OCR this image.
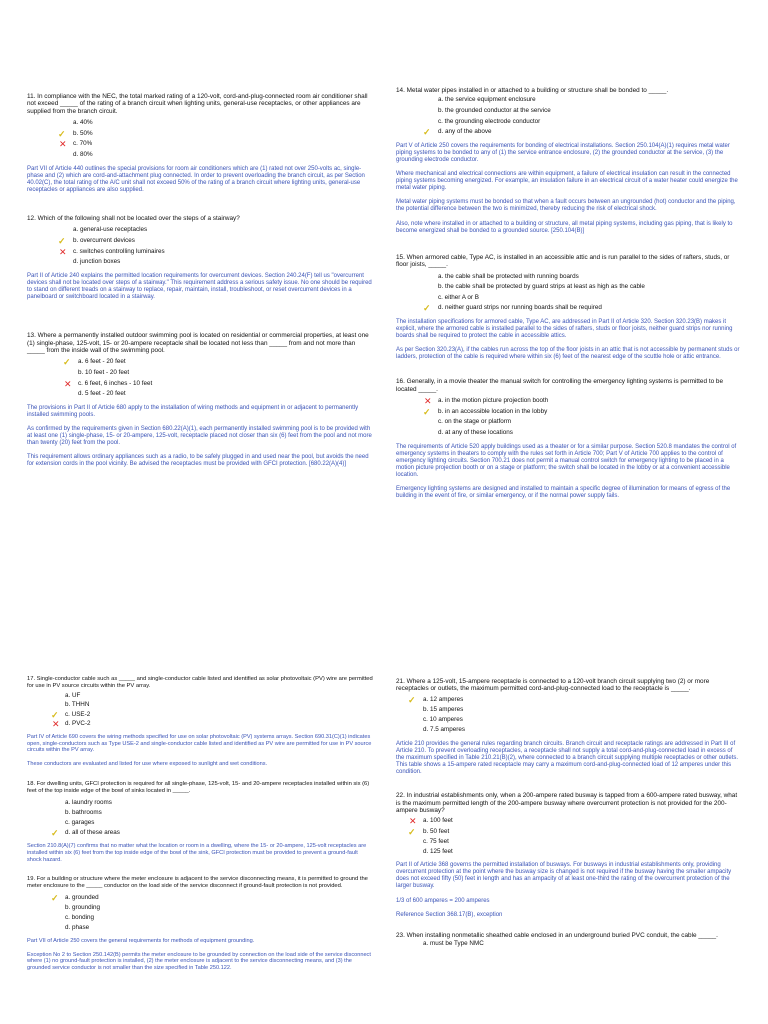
11. In compliance with the NEC, the total marked rating of a 120-volt, cord-and-plug-connected room air conditioner shall not exceed _____ of the rating of a branch circuit when lighting units, general-use receptacles, or other appliances are supplied from the branch circuit.
a. 40%
✓ b. 50%
✕ c. 70%
d. 80%
Part VII of Article 440 outlines the special provisions for room air conditioners which are (1) rated not over 250-volts ac, single-phase and (2) which are cord-and-attachment plug connected. In order to prevent overloading the branch circuit, as per Section 40.02(C), the total rating of the A/C unit shall not exceed 50% of the rating of a branch circuit where lighting units, general-use receptacles or appliances are also supplied.
12. Which of the following shall not be located over the steps of a stairway?
a. general-use receptacles
✓ b. overcurrent devices
✕ c. switches controlling luminaires
d. junction boxes
Part II of Article 240 explains the permitted location requirements for overcurrent devices. Section 240.24(F) tell us "overcurrent devices shall not be located over steps of a stairway." This requirement address a serious safety issue. No one should be required to stand on different treads on a stairway to replace, repair, maintain, install, troubleshoot, or reset overcurrent devices in a panelboard or switchboard located in a stairway.
13. Where a permanently installed outdoor swimming pool is located on residential or commercial properties, at least one (1) single-phase, 125-volt, 15- or 20-ampere receptacle shall be located not less than _____ from and not more than _____ from the inside wall of the swimming pool.
✓ a. 6 feet - 20 feet
b. 10 feet - 20 feet
✕ c. 6 feet, 6 inches - 10 feet
d. 5 feet - 20 feet
The provisions in Part II of Article 680 apply to the installation of wiring methods and equipment in or adjacent to permanently installed swimming pools.
As confirmed by the requirements given in Section 680.22(A)(1), each permanently installed swimming pool is to be provided with at least one (1) single-phase, 15- or 20-ampere, 125-volt, receptacle placed not closer than six (6) feet from the pool and not more than twenty (20) feet from the pool.
This requirement allows ordinary appliances such as a radio, to be safely plugged in and used near the pool, but avoids the need for extension cords in the pool vicinity. Be advised the receptacles must be provided with GFCI protection. [680.22(A)(4)]
14. Metal water pipes installed in or attached to a building or structure shall be bonded to _____.
a. the service equipment enclosure
b. the grounded conductor at the service
c. the grounding electrode conductor
✓ d. any of the above
Part V of Article 250 covers the requirements for bonding of electrical installations. Section 250.104(A)(1) requires metal water piping systems to be bonded to any of (1) the service entrance enclosure, (2) the grounded conductor at the service, (3) the grounding electrode conductor.
Where mechanical and electrical connections are within equipment, a failure of electrical insulation can result in the connected piping systems becoming energized. For example, an insulation failure in an electrical circuit of a water heater could energize the metal water piping.
Metal water piping systems must be bonded so that when a fault occurs between an ungrounded (hot) conductor and the piping, the potential difference between the two is minimized, thereby reducing the risk of electrical shock.
Also, note where installed in or attached to a building or structure, all metal piping systems, including gas piping, that is likely to become energized shall be bonded to a grounded source. [250.104(B)]
15. When armored cable, Type AC, is installed in an accessible attic and is run parallel to the sides of rafters, studs, or floor joists, _____.
a. the cable shall be protected with running boards
b. the cable shall be protected by guard strips at least as high as the cable
c. either A or B
✓ d. neither guard strips nor running boards shall be required
The installation specifications for armored cable, Type AC, are addressed in Part II of Article 320. Section 320.23(B) makes it explicit, where the armored cable is installed parallel to the sides of rafters, studs or floor joists, neither guard strips nor running boards shall be required to protect the cable in accessible attics.
As per Section 320.23(A), if the cables run across the top of the floor joists in an attic that is not accessible by permanent studs or ladders, protection of the cable is required where within six (6) feet of the nearest edge of the scuttle hole or attic entrance.
16. Generally, in a movie theater the manual switch for controlling the emergency lighting systems is permitted to be located _____.
✕ a. in the motion picture projection booth
✓ b. in an accessible location in the lobby
c. on the stage or platform
d. at any of these locations
The requirements of Article 520 apply buildings used as a theater or for a similar purpose. Section 520.8 mandates the control of emergency systems in theaters to comply with the rules set forth in Article 700; Part V of Article 700 applies to the control of emergency lighting circuits. Section 700.21 does not permit a manual control switch for emergency lighting to be placed in a motion picture projection booth or on a stage or platform; the switch shall be located in the lobby or at a convenient accessible location.
Emergency lighting systems are designed and installed to maintain a specific degree of illumination for means of egress of the building in the event of fire, or similar emergency, or if the normal power supply fails.
17. Single-conductor cable such as _____ and single-conductor cable listed and identified as solar photovoltaic (PV) wire are permitted for use in PV source circuits within the PV array.
a. UF
b. THHN
✓ c. USE-2
✕ d. PVC-2
Part IV of Article 690 covers the wiring methods specified for use on solar photovoltaic (PV) systems arrays. Section 690.31(C)(1) indicates open, single-conductors such as Type USE-2 and single-conductor cable listed and identified as PV wire are permitted for use in PV source circuits within the PV array.
These conductors are evaluated and listed for use where exposed to sunlight and wet conditions.
18. For dwelling units, GFCI protection is required for all single-phase, 125-volt, 15- and 20-ampere receptacles installed within six (6) feet of the top inside edge of the bowl of sinks located in _____.
a. laundry rooms
b. bathrooms
c. garages
✓ d. all of these areas
Section 210.8(A)(7) confirms that no matter what the location or room in a dwelling, where the 15- or 20-ampere, 125-volt receptacles are installed within six (6) feet from the top inside edge of the bowl of the sink, GFCI protection must be provided to prevent a ground-fault shock hazard.
19. For a building or structure where the meter enclosure is adjacent to the service disconnecting means, it is permitted to ground the meter enclosure to the _____ conductor on the load side of the service disconnect if ground-fault protection is not provided.
✓ a. grounded
b. grounding
c. bonding
d. phase
Part VII of Article 250 covers the general requirements for methods of equipment grounding.
Exception No 2 to Section 250.142(B) permits the meter enclosure to be grounded by connection on the load side of the service disconnect where (1) no ground-fault protection is installed, (2) the meter enclosure is adjacent to the service disconnecting means, and (3) the grounded service conductor is not smaller than the size specified in Table 250.122.
21. Where a 125-volt, 15-ampere receptacle is connected to a 120-volt branch circuit supplying two (2) or more receptacles or outlets, the maximum permitted cord-and-plug-connected load to the receptacle is _____.
✓ a. 12 amperes
b. 15 amperes
c. 10 amperes
d. 7.5 amperes
Article 210 provides the general rules regarding branch circuits. Branch circuit and receptacle ratings are addressed in Part III of Article 210. To prevent overloading receptacles, a receptacle shall not supply a total cord-and-plug-connected load in excess of the maximum specified in Table 210.21(B)(2), where connected to a branch circuit supplying multiple receptacles or other outlets. This table shows a 15-ampere rated receptacle may carry a maximum cord-and-plug-connected load of 12 amperes under this condition.
22. In industrial establishments only, when a 200-ampere rated busway is tapped from a 600-ampere rated busway, what is the maximum permitted length of the 200-ampere busway where overcurrent protection is not provided for the 200-ampere busway?
✕ a. 100 feet
✓ b. 50 feet
c. 75 feet
d. 125 feet
Part II of Article 368 governs the permitted installation of busways. For busways in industrial establishments only, providing overcurrent protection at the point where the busway size is changed is not required if the busway having the smaller ampacity does not exceed fifty (50) feet in length and has an ampacity of at least one-third the rating of the overcurrent protection of the larger busway.
1/3 of 600 amperes = 200 amperes
Reference Section 368.17(B), exception
23. When installing nonmetallic sheathed cable enclosed in an underground buried PVC conduit, the cable _____.
a. must be Type NMC
